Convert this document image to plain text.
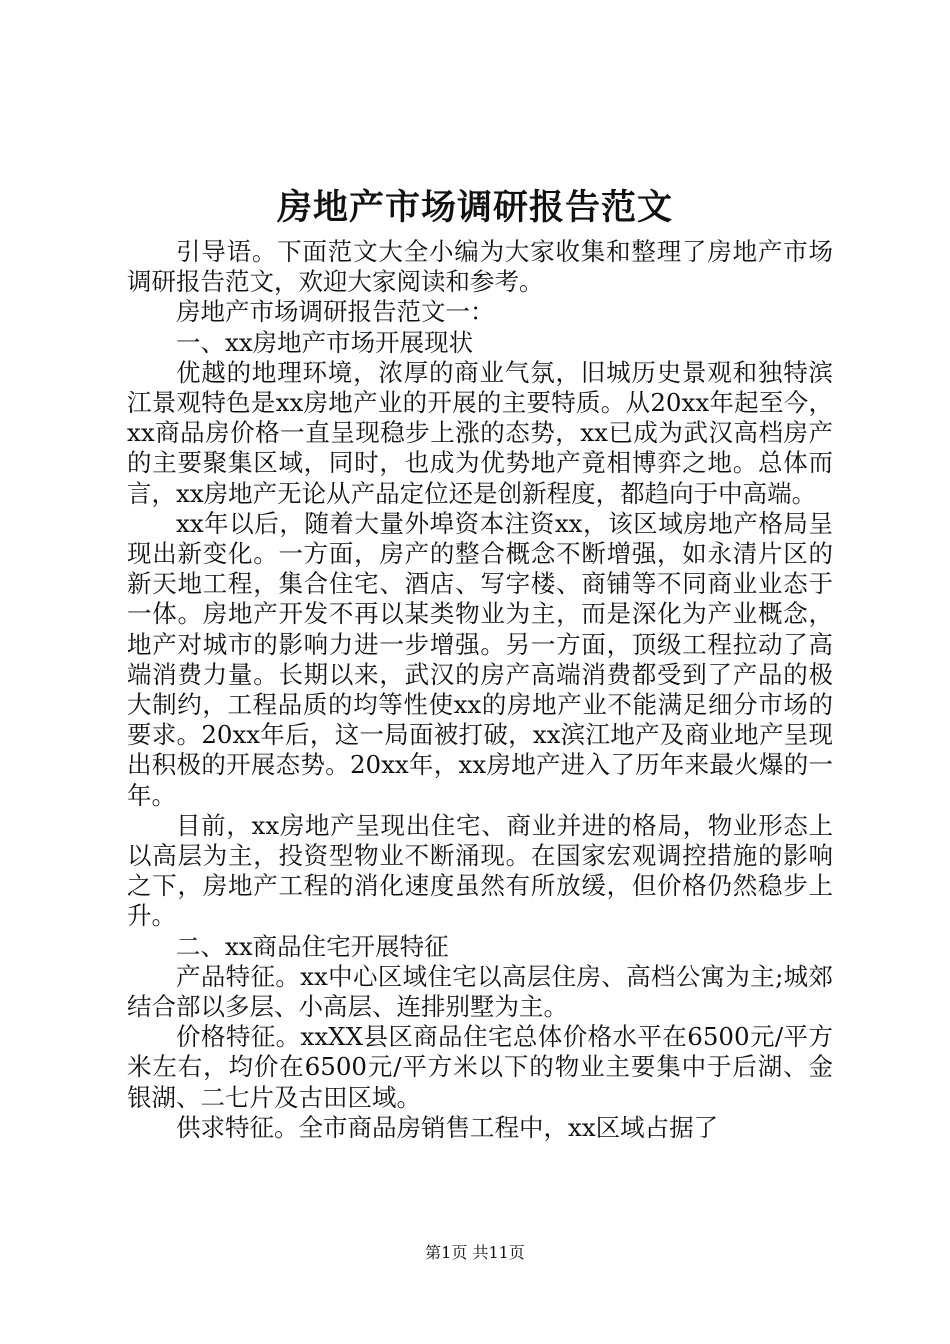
房地产市场调研报告范文

引导语。下面范文大全小编为大家收集和整理了房地产市场调研报告范文，欢迎大家阅读和参考。

房地产市场调研报告范文一：

一、xx房地产市场开展现状

优越的地理环境，浓厚的商业气氛，旧城历史景观和独特滨江景观特色是xx房地产业的开展的主要特质。从20xx年起至今，xx商品房价格一直呈现稳步上涨的态势，xx已成为武汉高档房产的主要聚集区域，同时，也成为优势地产竟相博弈之地。总体而言，xx房地产无论从产品定位还是创新程度，都趋向于中高端。

xx年以后，随着大量外埠资本注资xx，该区域房地产格局呈现出新变化。一方面，房产的整合概念不断增强，如永清片区的新天地工程，集合住宅、酒店、写字楼、商铺等不同商业业态于一体。房地产开发不再以某类物业为主，而是深化为产业概念，地产对城市的影响力进一步增强。另一方面，顶级工程拉动了高端消费力量。长期以来，武汉的房产高端消费都受到了产品的极大制约，工程品质的均等性使xx的房地产业不能满足细分市场的要求。20xx年后，这一局面被打破，xx滨江地产及商业地产呈现出积极的开展态势。20xx年，xx房地产进入了历年来最火爆的一年。

目前，xx房地产呈现出住宅、商业并进的格局，物业形态上以高层为主，投资型物业不断涌现。在国家宏观调控措施的影响之下，房地产工程的消化速度虽然有所放缓，但价格仍然稳步上升。

二、xx商品住宅开展特征

产品特征。xx中心区域住宅以高层住房、高档公寓为主;城郊结合部以多层、小高层、连排别墅为主。

价格特征。xxXX县区商品住宅总体价格水平在6500元/平方米左右，均价在6500元/平方米以下的物业主要集中于后湖、金银湖、二七片及古田区域。

供求特征。全市商品房销售工程中，xx区域占据了

第1页 共11页
